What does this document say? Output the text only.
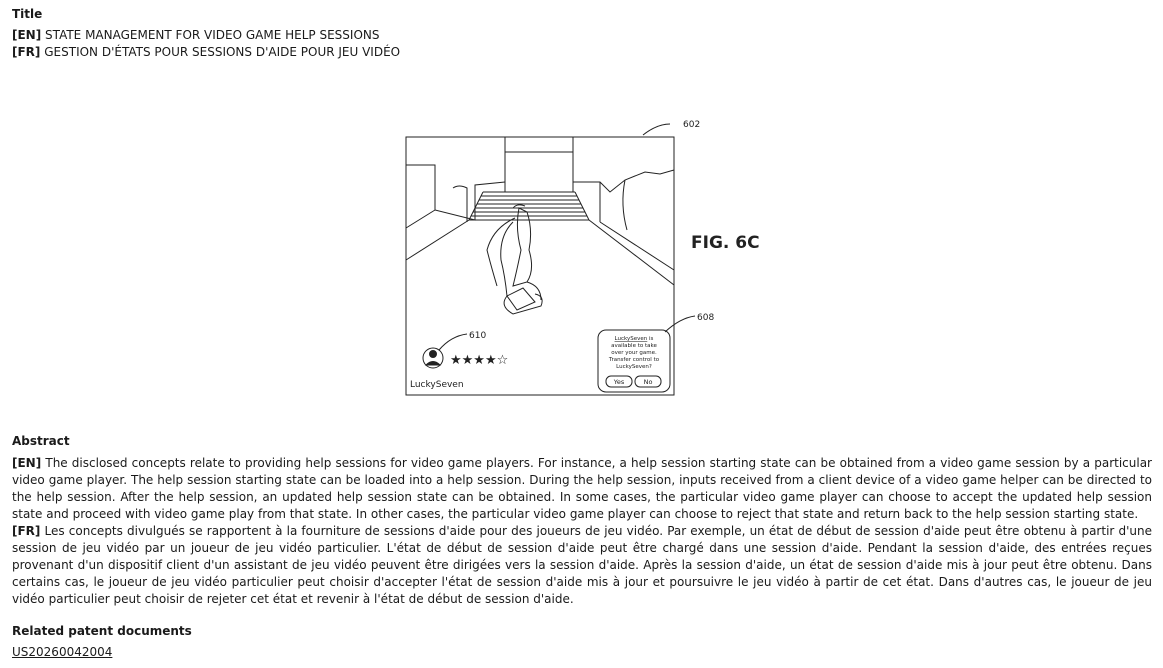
Title
[EN] STATE MANAGEMENT FOR VIDEO GAME HELP SESSIONS
[FR] GESTION D'ÉTATS POUR SESSIONS D'AIDE POUR JEU VIDÉO
602
FIG. 6C
608
610
★★★★☆
LuckySeven
LuckySeven is
available to take
over your game.
Transfer control to
LuckySeven?
Yes	No
Abstract

[EN] The disclosed concepts relate to providing help sessions for video game players. For instance, a help session starting state can be obtained from a video game session by a particular video game player. The help session starting state can be loaded into a help session. During the help session, inputs received from a client device of a video game helper can be directed to the help session. After the help session, an updated help session state can be obtained. In some cases, the particular video game player can choose to accept the updated help session state and proceed with video game play from that state. In other cases, the particular video game player can choose to reject that state and return back to the help session starting state.

[FR] Les concepts divulgués se rapportent à la fourniture de sessions d'aide pour des joueurs de jeu vidéo. Par exemple, un état de début de session d'aide peut être obtenu à partir d'une session de jeu vidéo par un joueur de jeu vidéo particulier. L'état de début de session d'aide peut être chargé dans une session d'aide. Pendant la session d'aide, des entrées reçues provenant d'un dispositif client d'un assistant de jeu vidéo peuvent être dirigées vers la session d'aide. Après la session d'aide, un état de session d'aide mis à jour peut être obtenu. Dans certains cas, le joueur de jeu vidéo particulier peut choisir d'accepter l'état de session d'aide mis à jour et poursuivre le jeu vidéo à partir de cet état. Dans d'autres cas, le joueur de jeu vidéo particulier peut choisir de rejeter cet état et revenir à l'état de début de session d'aide.

Related patent documents
US20260042004
